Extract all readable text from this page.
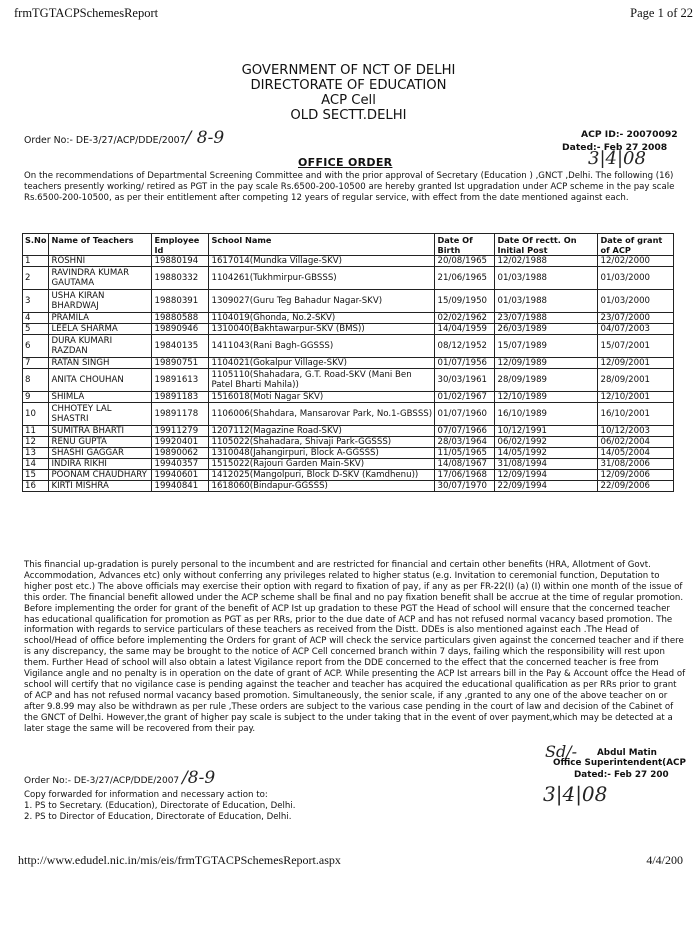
frmTGTACPSchemesReport	Page 1 of 22
GOVERNMENT OF NCT OF DELHI
DIRECTORATE OF EDUCATION
ACP Cell
OLD SECTT.DELHI
Order No:- DE-3/27/ACP/DDE/2007/ 8-9	ACP ID:- 20070092
Dated:- Feb 27 2008
3|4|08
OFFICE ORDER
On the recommendations of Departmental Screening Committee and with the prior approval of Secretary (Education ) ,GNCT ,Delhi. The following (16) teachers presently working/ retired as PGT in the pay scale Rs.6500-200-10500 are hereby granted Ist upgradation under ACP scheme in the pay scale Rs.6500-200-10500, as per their entitlement after competing 12 years of regular service, with effect from the date mentioned against each.
S.No	Name of Teachers	Employee Id	School Name	Date Of Birth	Date Of rectt. On Initial Post	Date of grant of ACP
1	ROSHNI	19880194	1617014(Mundka Village-SKV)	20/08/1965	12/02/1988	12/02/2000
2	RAVINDRA KUMAR GAUTAMA	19880332	1104261(Tukhmirpur-GBSSS)	21/06/1965	01/03/1988	01/03/2000
3	USHA KIRAN BHARDWAJ	19880391	1309027(Guru Teg Bahadur Nagar-SKV)	15/09/1950	01/03/1988	01/03/2000
4	PRAMILA	19880588	1104019(Ghonda, No.2-SKV)	02/02/1962	23/07/1988	23/07/2000
5	LEELA SHARMA	19890946	1310040(Bakhtawarpur-SKV (BMS))	14/04/1959	26/03/1989	04/07/2003
6	DURA KUMARI RAZDAN	19840135	1411043(Rani Bagh-GGSSS)	08/12/1952	15/07/1989	15/07/2001
7	RATAN SINGH	19890751	1104021(Gokalpur Village-SKV)	01/07/1956	12/09/1989	12/09/2001
8	ANITA CHOUHAN	19891613	1105110(Shahadara, G.T. Road-SKV (Mani Ben Patel Bharti Mahila))	30/03/1961	28/09/1989	28/09/2001
9	SHIMLA	19891183	1516018(Moti Nagar SKV)	01/02/1967	12/10/1989	12/10/2001
10	CHHOTEY LAL SHASTRI	19891178	1106006(Shahdara, Mansarovar Park, No.1-GBSSS)	01/07/1960	16/10/1989	16/10/2001
11	SUMITRA BHARTI	19911279	1207112(Magazine Road-SKV)	07/07/1966	10/12/1991	10/12/2003
12	RENU GUPTA	19920401	1105022(Shahadara, Shivaji Park-GGSSS)	28/03/1964	06/02/1992	06/02/2004
13	SHASHI GAGGAR	19890062	1310048(Jahangirpuri, Block A-GGSSS)	11/05/1965	14/05/1992	14/05/2004
14	INDIRA RIKHI	19940357	1515022(Rajouri Garden Main-SKV)	14/08/1967	31/08/1994	31/08/2006
15	POONAM CHAUDHARY	19940601	1412025(Mangolpuri, Block D-SKV (Kamdhenu))	17/06/1968	12/09/1994	12/09/2006
16	KIRTI MISHRA	19940841	1618060(Bindapur-GGSSS)	30/07/1970	22/09/1994	22/09/2006
This financial up-gradation is purely personal to the incumbent and are restricted for financial and certain other benefits (HRA, Allotment of Govt. Accommodation, Advances etc) only without conferring any privileges related to higher status (e.g. Invitation to ceremonial function, Deputation to higher post etc.) The above officials may exercise their option with regard to fixation of pay, if any as per FR-22(I) (a) (I) within one month of the issue of this order. The financial benefit allowed under the ACP scheme shall be final and no pay fixation benefit shall be accrue at the time of regular promotion. Before implementing the order for grant of the benefit of ACP Ist up gradation to these PGT the Head of school will ensure that the concerned teacher has educational qualification for promotion as PGT as per RRs, prior to the due date of ACP and has not refused normal vacancy based promotion. The information with regards to service particulars of these teachers as received from the Distt. DDEs is also mentioned against each .The Head of school/Head of office before implementing the Orders for grant of ACP will check the service particulars given against the concerned teacher and if there is any discrepancy, the same may be brought to the notice of ACP Cell concerned branch within 7 days, failing which the responsibility will rest upon them. Further Head of school will also obtain a latest Vigilance report from the DDE concerned to the effect that the concerned teacher is free from Vigilance angle and no penalty is in operation on the date of grant of ACP. While presenting the ACP Ist arrears bill in the Pay & Account offce the Head of school will certify that no vigilance case is pending against the teacher and teacher has acquired the educational qualification as per RRs prior to grant of ACP and has not refused normal vacancy based promotion. Simultaneously, the senior scale, if any ,granted to any one of the above teacher on or after 9.8.99 may also be withdrawn as per rule ,These orders are subject to the various case pending in the court of law and decision of the Cabinet of the GNCT of Delhi. However,the grant of higher pay scale is subject to the under taking that in the event of over payment,which may be detected at a later stage the same will be recovered from their pay.
Sd/- Abdul Matin
Office Superintendent(ACP
Dated:- Feb 27 200
3|4|08
Order No:- DE-3/27/ACP/DDE/2007 /8-9
Copy forwarded for information and necessary action to:
1. PS to Secretary. (Education), Directorate of Education, Delhi.
2. PS to Director of Education, Directorate of Education, Delhi.
http://www.edudel.nic.in/mis/eis/frmTGTACPSchemesReport.aspx	4/4/200
